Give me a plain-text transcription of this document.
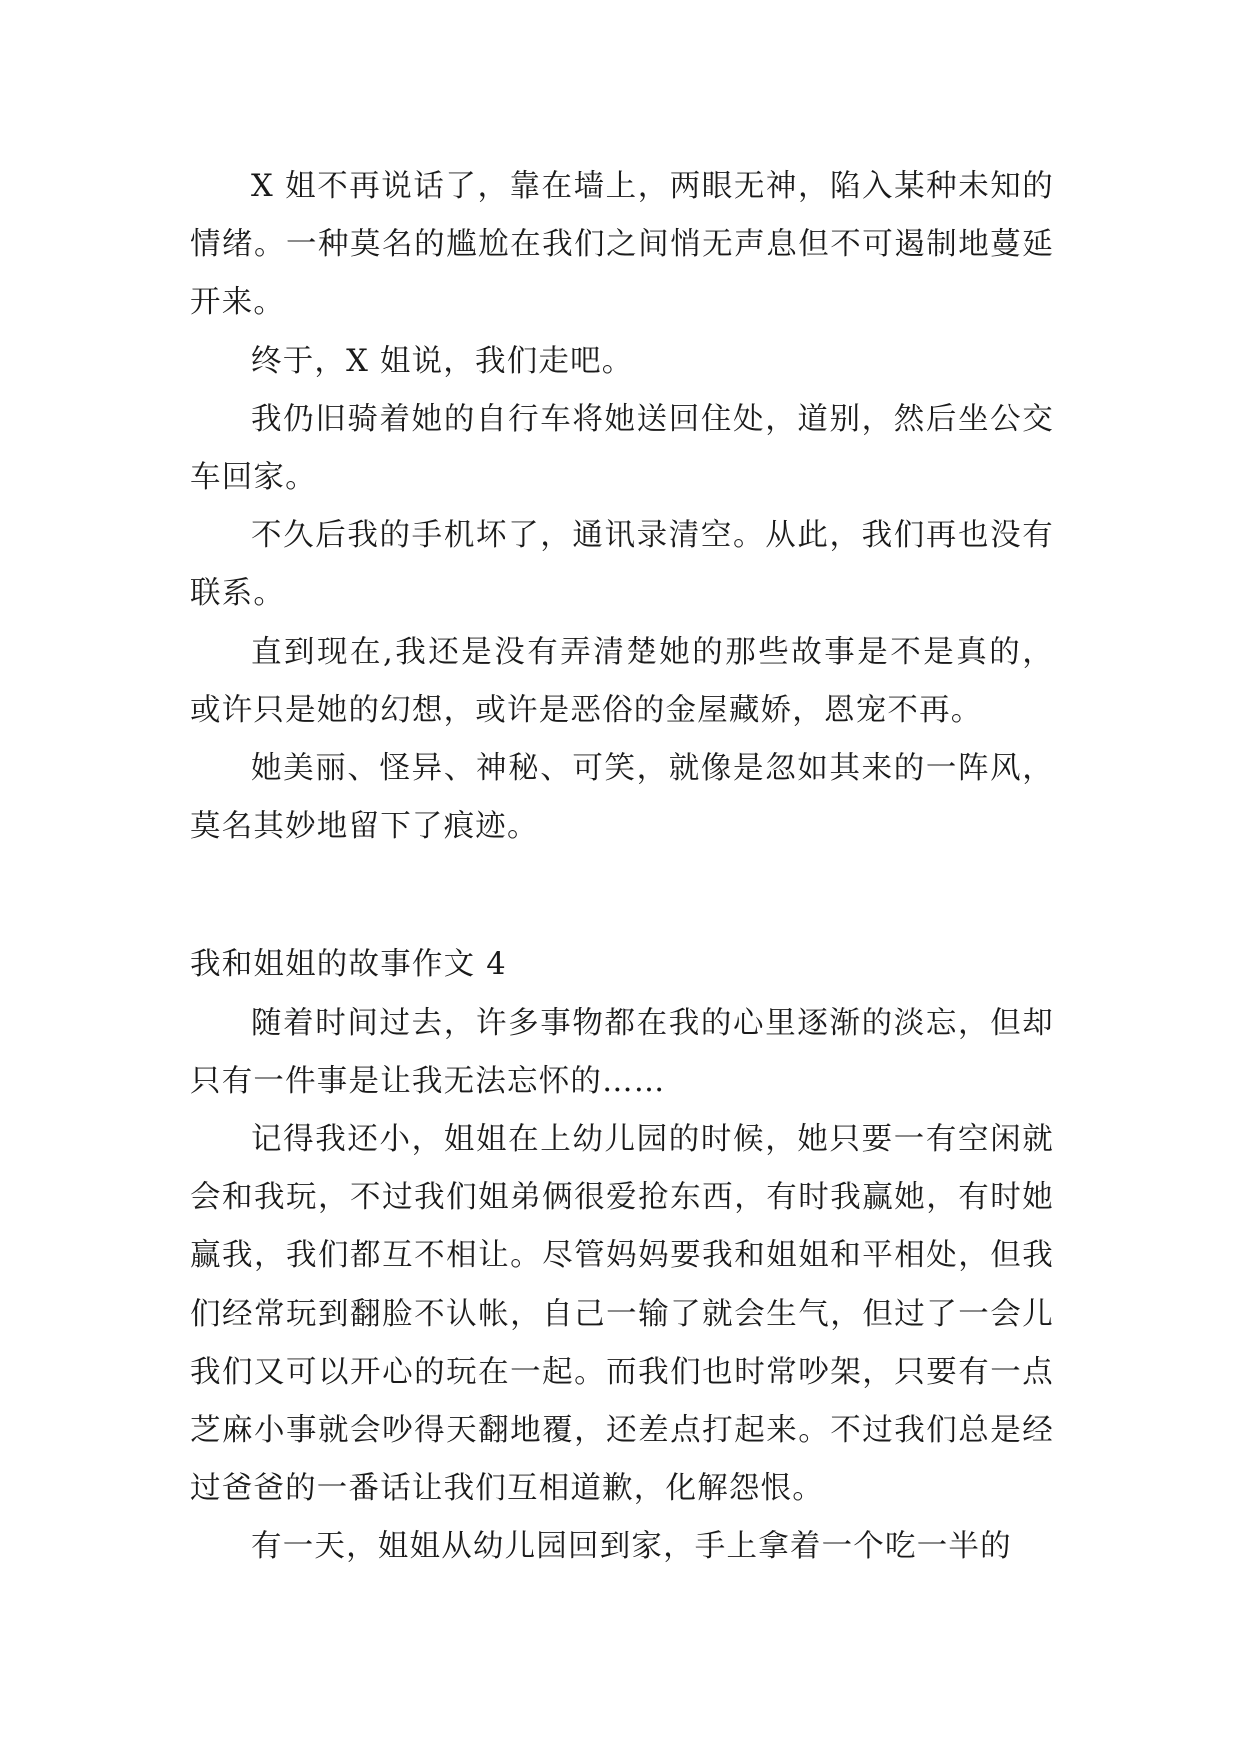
X 姐不再说话了，靠在墙上，两眼无神，陷入某种未知的情绪。一种莫名的尴尬在我们之间悄无声息但不可遏制地蔓延开来。

终于，X 姐说，我们走吧。

我仍旧骑着她的自行车将她送回住处，道别，然后坐公交车回家。

不久后我的手机坏了，通讯录清空。从此，我们再也没有联系。

直到现在,我还是没有弄清楚她的那些故事是不是真的，或许只是她的幻想，或许是恶俗的金屋藏娇，恩宠不再。

她美丽、怪异、神秘、可笑，就像是忽如其来的一阵风，莫名其妙地留下了痕迹。

我和姐姐的故事作文 4

随着时间过去，许多事物都在我的心里逐渐的淡忘，但却只有一件事是让我无法忘怀的……

记得我还小，姐姐在上幼儿园的时候，她只要一有空闲就会和我玩，不过我们姐弟俩很爱抢东西，有时我赢她，有时她赢我，我们都互不相让。尽管妈妈要我和姐姐和平相处，但我们经常玩到翻脸不认帐，自己一输了就会生气，但过了一会儿我们又可以开心的玩在一起。而我们也时常吵架，只要有一点芝麻小事就会吵得天翻地覆，还差点打起来。不过我们总是经过爸爸的一番话让我们互相道歉，化解怨恨。

有一天，姐姐从幼儿园回到家，手上拿着一个吃一半的
